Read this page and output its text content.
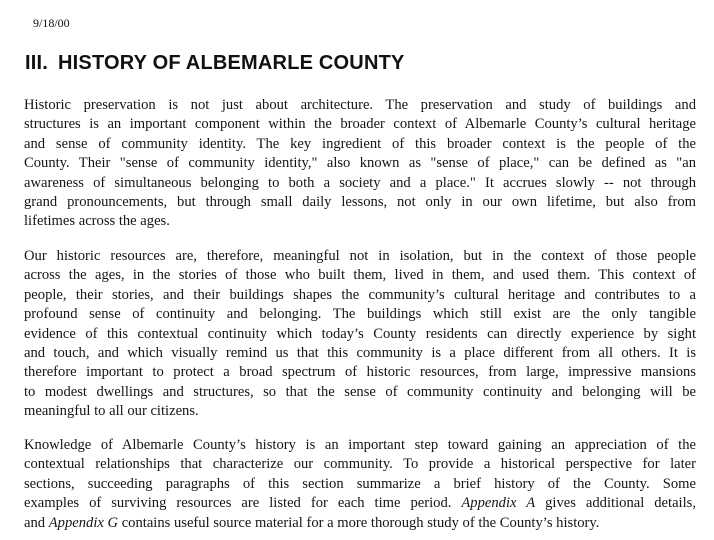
9/18/00
III. HISTORY OF ALBEMARLE COUNTY
Historic preservation is not just about architecture. The preservation and study of buildings and
structures is an important component within the broader context of Albemarle County’s cultural heritage
and sense of community identity. The key ingredient of this broader context is the people of the
County. Their "sense of community identity," also known as "sense of place," can be defined as "an
awareness of simultaneous belonging to both a society and a place." It accrues slowly -- not through
grand pronouncements, but through small daily lessons, not only in our own lifetime, but also from
lifetimes across the ages.
Our historic resources are, therefore, meaningful not in isolation, but in the context of those people
across the ages, in the stories of those who built them, lived in them, and used them. This context of
people, their stories, and their buildings shapes the community’s cultural heritage and contributes to a
profound sense of continuity and belonging. The buildings which still exist are the only tangible
evidence of this contextual continuity which today’s County residents can directly experience by sight
and touch, and which visually remind us that this community is a place different from all others. It is
therefore important to protect a broad spectrum of historic resources, from large, impressive mansions
to modest dwellings and structures, so that the sense of community continuity and belonging will be
meaningful to all our citizens.
Knowledge of Albemarle County’s history is an important step toward gaining an appreciation of the
contextual relationships that characterize our community. To provide a historical perspective for later
sections, succeeding paragraphs of this section summarize a brief history of the County. Some
examples of surviving resources are listed for each time period. Appendix A gives additional details,
and Appendix G contains useful source material for a more thorough study of the County’s history.
